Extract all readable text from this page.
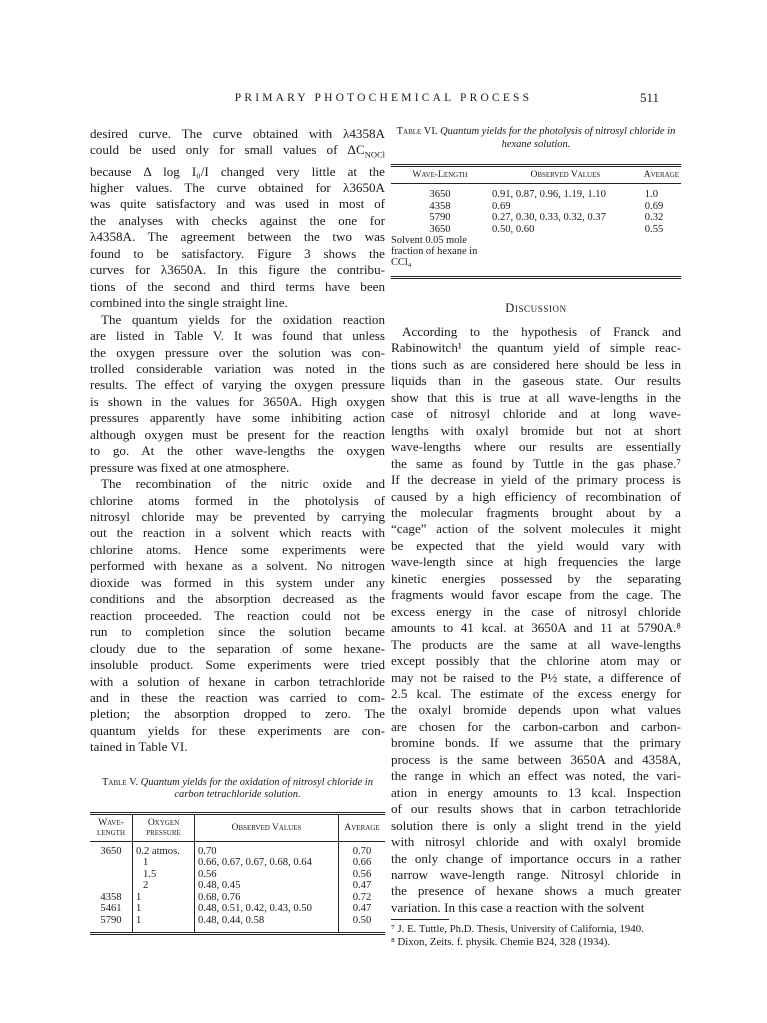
PRIMARY PHOTOCHEMICAL PROCESS	511
desired curve. The curve obtained with λ4358A
could be used only for small values of $\Delta C_{NOCl}$
because Δ log I₀/I changed very little at the
higher values. The curve obtained for λ3650A
was quite satisfactory and was used in most of
the analyses with checks against the one for
λ4358A. The agreement between the two was
found to be satisfactory. Figure 3 shows the
curves for λ3650A. In this figure the contribu-
tions of the second and third terms have been
combined into the single straight line.
The quantum yields for the oxidation reaction
are listed in Table V. It was found that unless
the oxygen pressure over the solution was con-
trolled considerable variation was noted in the
results. The effect of varying the oxygen pressure
is shown in the values for 3650A. High oxygen
pressures apparently have some inhibiting action
although oxygen must be present for the reaction
to go. At the other wave-lengths the oxygen
pressure was fixed at one atmosphere.
The recombination of the nitric oxide and
chlorine atoms formed in the photolysis of
nitrosyl chloride may be prevented by carrying
out the reaction in a solvent which reacts with
chlorine atoms. Hence some experiments were
performed with hexane as a solvent. No nitrogen
dioxide was formed in this system under any
conditions and the absorption decreased as the
reaction proceeded. The reaction could not be
run to completion since the solution became
cloudy due to the separation of some hexane-
insoluble product. Some experiments were tried
with a solution of hexane in carbon tetrachloride
and in these the reaction was carried to com-
pletion; the absorption dropped to zero. The
quantum yields for these experiments are con-
tained in Table VI.

Table V. Quantum yields for the oxidation of nitrosyl chloride in carbon tetrachloride solution.

Wave-length	Oxygen pressure	Observed Values	Average
3650	0.2 atmos.	0.70	0.70
	1	0.66, 0.67, 0.67, 0.68, 0.64	0.66
	1.5	0.56	0.56
	2	0.48, 0.45	0.47
4358	1	0.68, 0.76	0.72
5461	1	0.48, 0.51, 0.42, 0.43, 0.50	0.47
5790	1	0.48, 0.44, 0.58	0.50

Table VI. Quantum yields for the photolysis of nitrosyl chloride in hexane solution.

Wave-Length	Observed Values	Average
3650	0.91, 0.87, 0.96, 1.19, 1.10	1.0
4358	0.69	0.69
5790	0.27, 0.30, 0.33, 0.32, 0.37	0.32
3650	0.50, 0.60	0.55
Solvent 0.05 mole fraction of hexane in CCl₄		
Discussion
According to the hypothesis of Franck and
Rabinowitch¹ the quantum yield of simple reac-
tions such as are considered here should be less in
liquids than in the gaseous state. Our results
show that this is true at all wave-lengths in the
case of nitrosyl chloride and at long wave-
lengths with oxalyl bromide but not at short
wave-lengths where our results are essentially
the same as found by Tuttle in the gas phase.⁷
If the decrease in yield of the primary process is
caused by a high efficiency of recombination of
the molecular fragments brought about by a
“cage” action of the solvent molecules it might
be expected that the yield would vary with
wave-length since at high frequencies the large
kinetic energies possessed by the separating
fragments would favor escape from the cage. The
excess energy in the case of nitrosyl chloride
amounts to 41 kcal. at 3650A and 11 at 5790A.⁸
The products are the same at all wave-lengths
except possibly that the chlorine atom may or
may not be raised to the P½ state, a difference of
2.5 kcal. The estimate of the excess energy for
the oxalyl bromide depends upon what values
are chosen for the carbon-carbon and carbon-
bromine bonds. If we assume that the primary
process is the same between 3650A and 4358A,
the range in which an effect was noted, the vari-
ation in energy amounts to 13 kcal. Inspection
of our results shows that in carbon tetrachloride
solution there is only a slight trend in the yield
with nitrosyl chloride and with oxalyl bromide
the only change of importance occurs in a rather
narrow wave-length range. Nitrosyl chloride in
the presence of hexane shows a much greater
variation. In this case a reaction with the solvent
⁷ J. E. Tuttle, Ph.D. Thesis, University of California, 1940.
⁸ Dixon, Zeits. f. physik. Chemie B24, 328 (1934).
